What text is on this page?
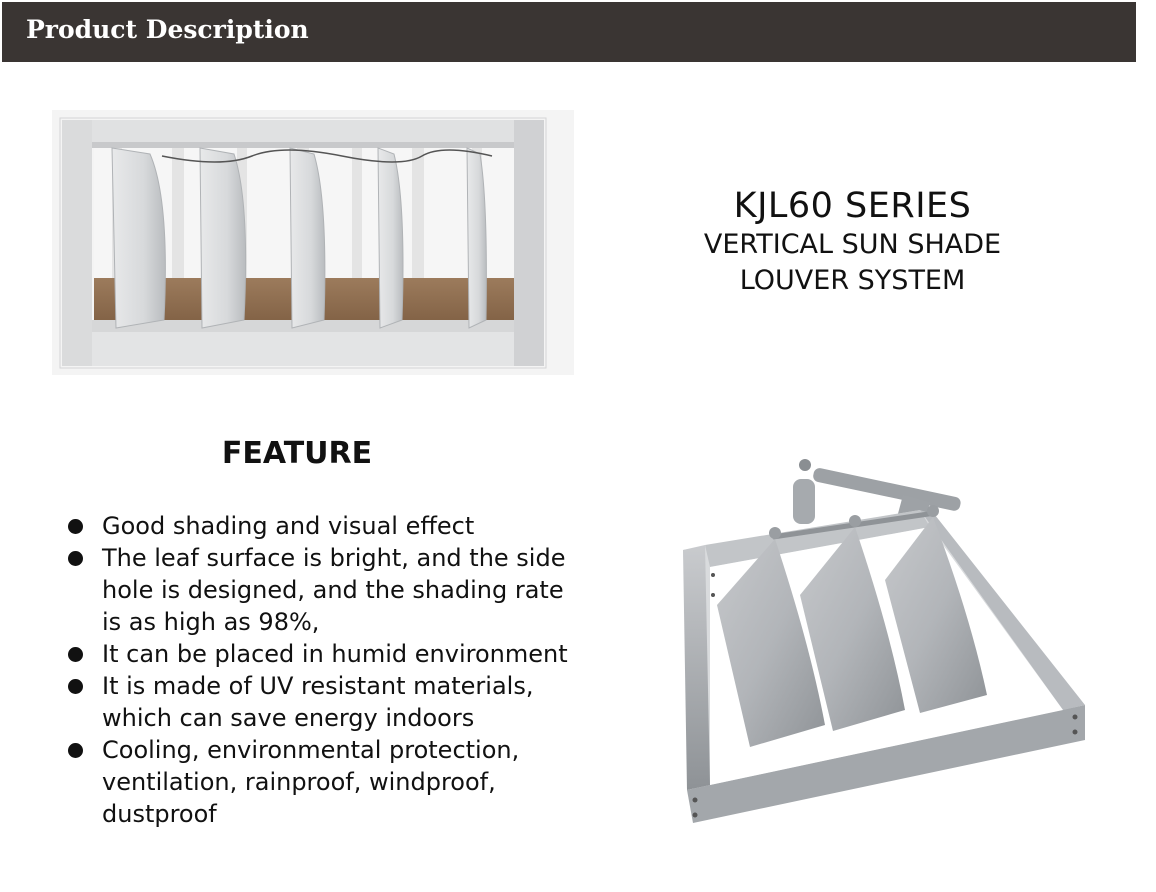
Product Description
KJL60 SERIES
VERTICAL SUN SHADE
LOUVER SYSTEM
FEATURE
Good shading and visual effect
The leaf surface is bright, and the side hole is designed, and the shading rate is as high as 98%,
It can be placed in humid environment
It is made of UV resistant materials, which can save energy indoors
Cooling, environmental protection, ventilation, rainproof, windproof, dustproof
